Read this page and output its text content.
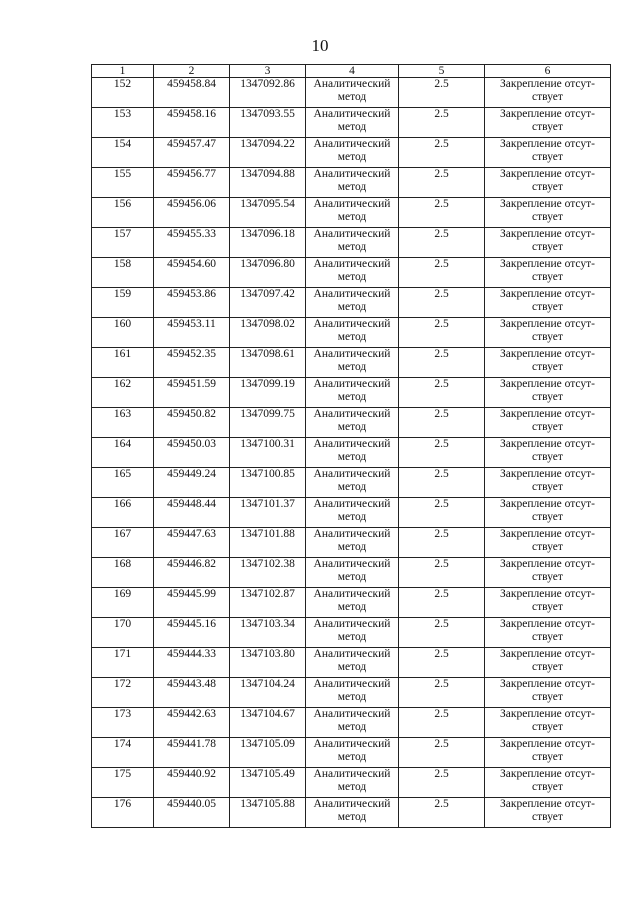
10
1	2	3	4	5	6
152	459458.84	1347092.86	Аналитический
метод	2.5	Закрепление отсут-
ствует

153	459458.16	1347093.55	Аналитический
метод	2.5	Закрепление отсут-
ствует

154	459457.47	1347094.22	Аналитический
метод	2.5	Закрепление отсут-
ствует

155	459456.77	1347094.88	Аналитический
метод	2.5	Закрепление отсут-
ствует

156	459456.06	1347095.54	Аналитический
метод	2.5	Закрепление отсут-
ствует

157	459455.33	1347096.18	Аналитический
метод	2.5	Закрепление отсут-
ствует

158	459454.60	1347096.80	Аналитический
метод	2.5	Закрепление отсут-
ствует

159	459453.86	1347097.42	Аналитический
метод	2.5	Закрепление отсут-
ствует

160	459453.11	1347098.02	Аналитический
метод	2.5	Закрепление отсут-
ствует

161	459452.35	1347098.61	Аналитический
метод	2.5	Закрепление отсут-
ствует

162	459451.59	1347099.19	Аналитический
метод	2.5	Закрепление отсут-
ствует

163	459450.82	1347099.75	Аналитический
метод	2.5	Закрепление отсут-
ствует

164	459450.03	1347100.31	Аналитический
метод	2.5	Закрепление отсут-
ствует

165	459449.24	1347100.85	Аналитический
метод	2.5	Закрепление отсут-
ствует

166	459448.44	1347101.37	Аналитический
метод	2.5	Закрепление отсут-
ствует

167	459447.63	1347101.88	Аналитический
метод	2.5	Закрепление отсут-
ствует

168	459446.82	1347102.38	Аналитический
метод	2.5	Закрепление отсут-
ствует

169	459445.99	1347102.87	Аналитический
метод	2.5	Закрепление отсут-
ствует

170	459445.16	1347103.34	Аналитический
метод	2.5	Закрепление отсут-
ствует

171	459444.33	1347103.80	Аналитический
метод	2.5	Закрепление отсут-
ствует

172	459443.48	1347104.24	Аналитический
метод	2.5	Закрепление отсут-
ствует

173	459442.63	1347104.67	Аналитический
метод	2.5	Закрепление отсут-
ствует

174	459441.78	1347105.09	Аналитический
метод	2.5	Закрепление отсут-
ствует

175	459440.92	1347105.49	Аналитический
метод	2.5	Закрепление отсут-
ствует

176	459440.05	1347105.88	Аналитический
метод	2.5	Закрепление отсут-
ствует
